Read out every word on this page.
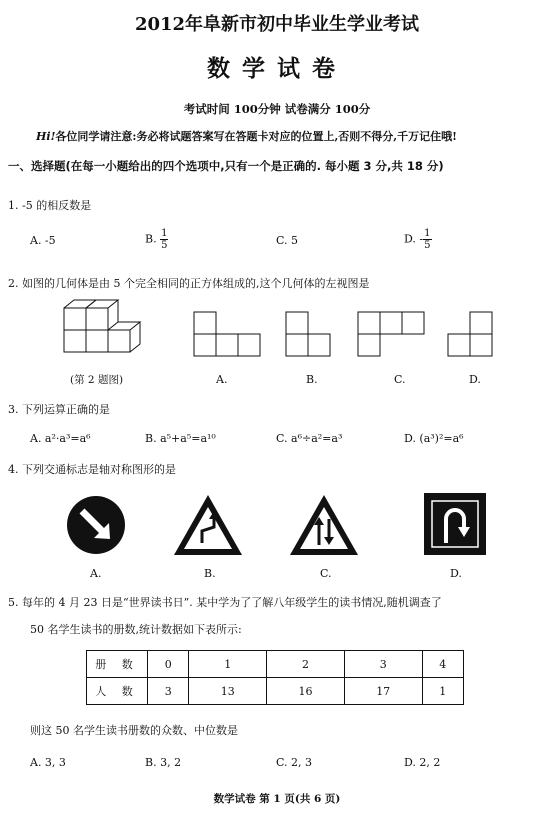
2012年阜新市初中毕业生学业考试
数学试卷
考试时间 100分钟 试卷满分 100分
Hi!各位同学请注意:务必将试题答案写在答题卡对应的位置上,否则不得分,千万记住哦!
一、选择题(在每一小题给出的四个选项中,只有一个是正确的. 每小题 3 分,共 18 分)
1. -5 的相反数是
A. -5	B. $\frac{1}{5}$	C. 5	D. - $\frac{1}{5}$
2. 如图的几何体是由 5 个完全相同的正方体组成的,这个几何体的左视图是
(第 2 题图)	A.	B.	C.	D.
3. 下列运算正确的是
A. a²·a³=a⁶	B. a⁵+a⁵=a¹⁰	C. a⁶÷a²=a³	D. (a³)²=a⁶
4. 下列交通标志是轴对称图形的是
A.	B.	C.	D.
5. 每年的 4 月 23 日是“世界读书日”. 某中学为了了解八年级学生的读书情况,随机调查了
50 名学生读书的册数,统计数据如下表所示:
册 数	0	1	2	3	4
人 数	3	13	16	17	1
则这 50 名学生读书册数的众数、中位数是
A. 3, 3	B. 3, 2	C. 2, 3	D. 2, 2
数学试卷 第 1 页(共 6 页)
